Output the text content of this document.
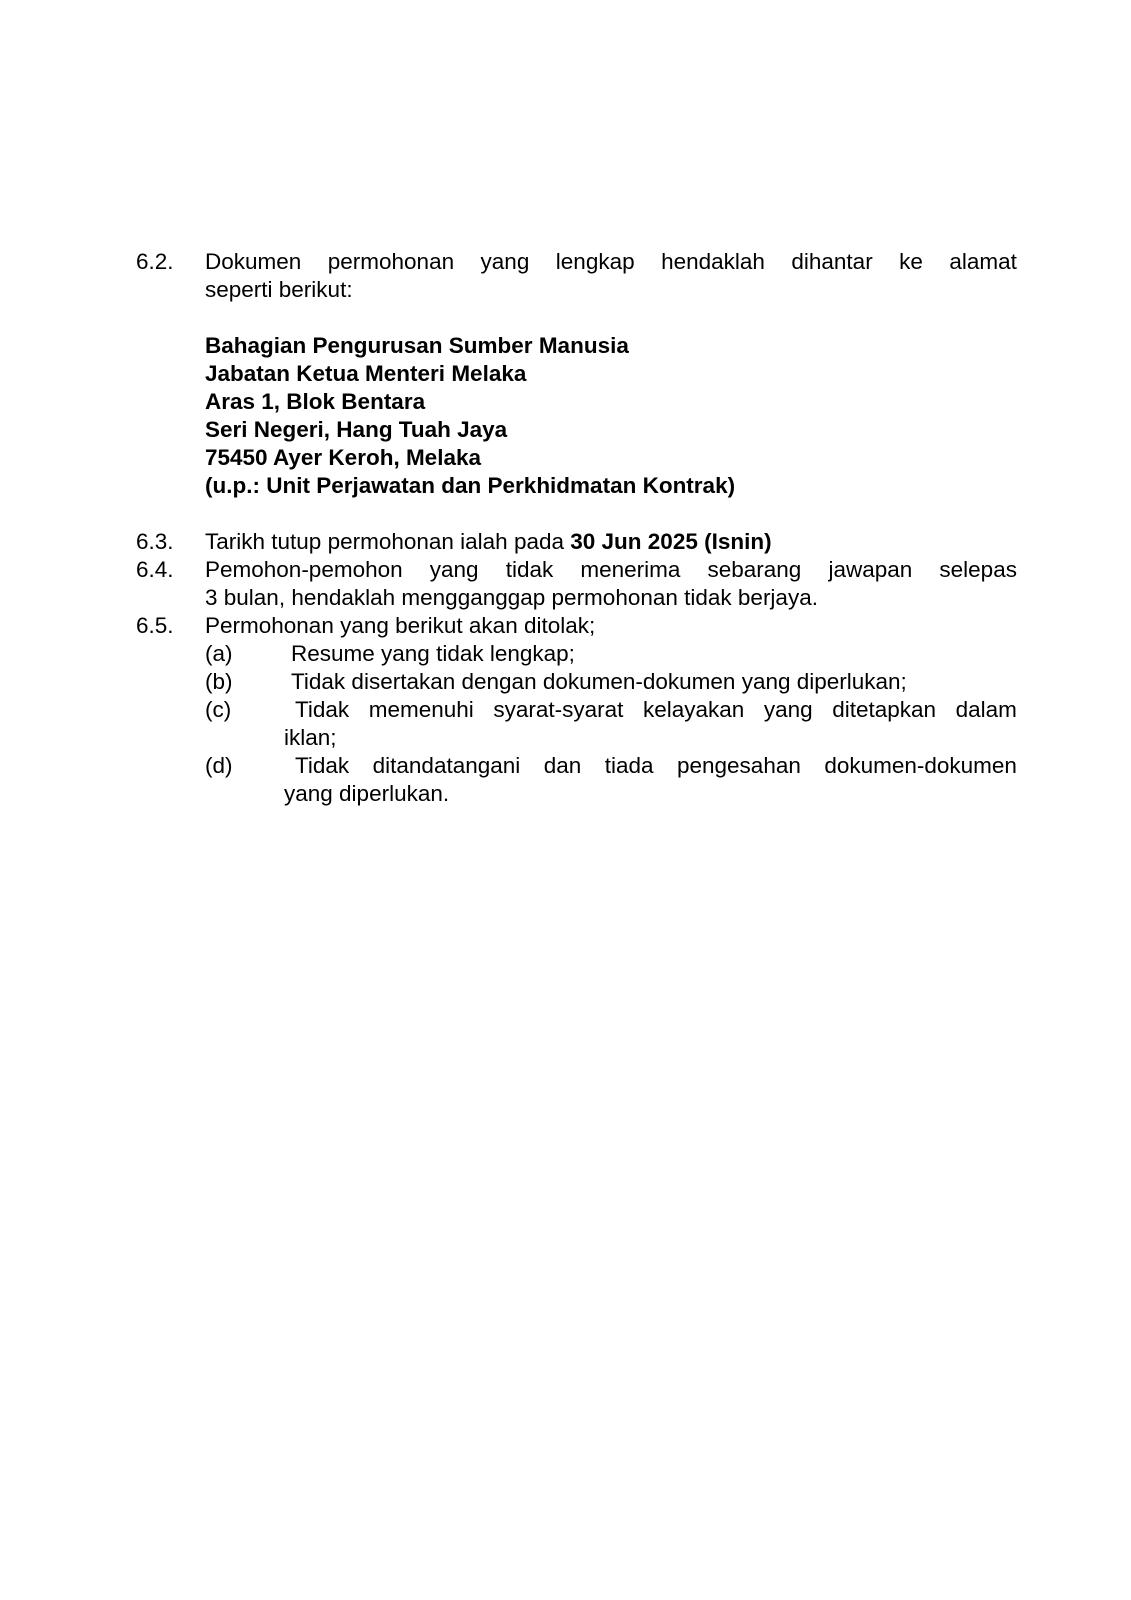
6.2. Dokumen permohonan yang lengkap hendaklah dihantar ke alamat
seperti berikut:
Bahagian Pengurusan Sumber Manusia
Jabatan Ketua Menteri Melaka
Aras 1, Blok Bentara
Seri Negeri, Hang Tuah Jaya
75450 Ayer Keroh, Melaka
(u.p.: Unit Perjawatan dan Perkhidmatan Kontrak)
6.3. Tarikh tutup permohonan ialah pada 30 Jun 2025 (Isnin)
6.4. Pemohon-pemohon yang tidak menerima sebarang jawapan selepas
3 bulan, hendaklah mengganggap permohonan tidak berjaya.
6.5. Permohonan yang berikut akan ditolak;
(a)	Resume yang tidak lengkap;
(b)	Tidak disertakan dengan dokumen-dokumen yang diperlukan;
(c)	Tidak memenuhi syarat-syarat kelayakan yang ditetapkan dalam
iklan;
(d)	Tidak ditandatangani dan tiada pengesahan dokumen-dokumen
yang diperlukan.
